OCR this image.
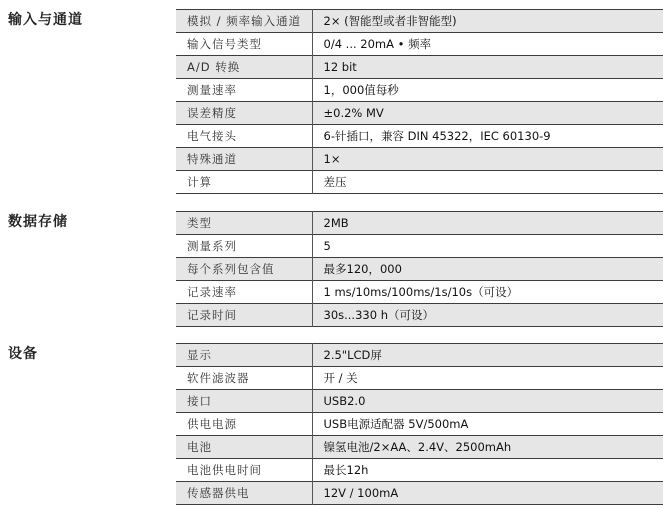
输入与通道	模拟 / 频率输入通道	2× (智能型或者非智能型)
输入信号类型	0/4 ... 20mA • 频率
A/D 转换	12 bit
测量速率	1，000值每秒
误差精度	±0.2% MV
电气接头	6-针插口，兼容 DIN 45322，IEC 60130-9
特殊通道	1×
计算	差压
数据存储	类型	2MB
测量系列	5
每个系列包含值	最多120，000
记录速率	1 ms/10ms/100ms/1s/10s（可设）
记录时间	30s...330 h（可设）
设备	显示	2.5"LCD屏
软件滤波器	开 / 关
接口	USB2.0
供电电源	USB电源适配器 5V/500mA
电池	镍氢电池/2×AA、2.4V、2500mAh
电池供电时间	最长12h
传感器供电	12V / 100mA
